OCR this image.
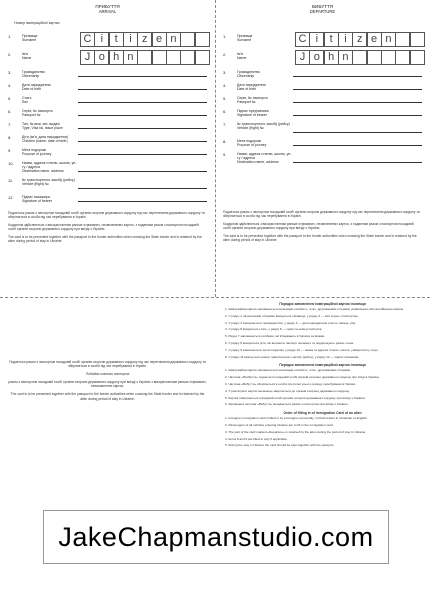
ПРИБУТТЯ
ARRIVAL
Номер імміграційної картки
1.	Прізвище
Surname	C i	t	i z e n
2.	Ім'я
Name	J o h n
3.	Громадянство
Citizenship
4.	Дата народження
Date of birth
5.	Стать
Sex
6.	Серія, № паспорта
Passport №
7.	Тип, № візи, міс. видачі
Type, Visa №, Issue place
8.	Діти (ім'я, дата народження)
Children (name, date of birth)
9.	Мета подорожі
Purpose of journey
10.	Назва, адреса готелю, школи, ун-ту / адреса
Destination name, address
11.	№ транспортного засобу (рейсу)
Vehicle (flight) №
12.	Підпис пасажира
Signature of bearer
Подається разом з паспортом посадовій особі органів охорони державного кордону під час перетинання державного кордону та зберігається в особи під час перебування в Україні.
Кордоном здійснюється з використанням раніше отриманих, незаповнених карток, з поданням разом з паспортом посадовій особі органів охорони державного кордону при виїзді з України.
The card is to be presented together with the passport to the border authorities when crossing the State border and is retained by the alien during period of stay in Ukraine.
ВИБУТТЯ
DEPARTURE
1.	Прізвище
Surname	C i	t	i z e n
2.	Ім'я
Name	J o h n
3.	Громадянство
Citizenship
4.	Дата народження
Date of birth
5.	Серія, № паспорта
Passport №
6.	Підпис пред'явника
Signature of bearer
7.	№ транспортного засобу (рейсу)
Vehicle (flight) №
8.	Мета подорожі
Purpose of journey
9.	Назва, адреса готелю, школи, ун-ту / адреса
Destination name, address
Подається разом з паспортом посадовій особі органів охорони державного кордону під час перетинання державного кордону та зберігається в особи під час перебування в Україні.
Кордоном здійснюється з використанням раніше отриманих, незаповнених карток, з поданням разом з паспортом посадовій особі органів охорони державного кордону при виїзді з України.
The card is to be presented together with the passport to the border authorities when crossing the State border and is retained by the alien during period of stay in Ukraine.
Подається разом з паспортом посадовій особі органів охорони державного кордону під час перетинання державного кордону та зберігається в особи під час перебування в Україні.
Подаймо кожного паспорта
разом з паспортом посадовій особі органів охорони державного кордону при виїзді з України з використанням раніше отриманих, незаповнених карток.
The card is to be presented together with the passport to the border authorities when crossing the State border and is retained by the alien during period of stay in Ukraine.
Порядок заповнення імміграційної картки іноземця
1. Імміграційна картка заповнюється іноземцем особисто, чітко, друкованими літерами українською або англійською мовою.
2. У рядку 1 латинськими літерами вказується прізвище, у рядку 2 — ім'я згідно з паспортом.
3. У рядку 3 зазначається громадянство, у рядку 4 — дата народження (число, місяць, рік).
4. У рядку 5 вказується стать, у рядку 6 — серія та номер паспорта.
5. Рядок 7 заповнюється особами, які в'їжджають в Україну за візами.
6. У рядку 8 вказуються діти, які вписані в паспорт іноземця та подорожують разом з ним.
7. У рядку 9 зазначається мета подорожі, у рядку 10 — назва та адреса готелю, школи, університету тощо.
8. У рядку 11 вказується номер транспортного засобу (рейсу), у рядку 12 — підпис пасажира.
Порядок заповнення імміграційної картки іноземця
1. Імміграційна картка заповнюється іноземцем особисто, чітко, друкованими літерами.
2. Частина «Прибуття» подається посадовій особі органів охорони державного кордону при в'їзді в Україну.
3. Частина «Вибуття» зберігається в особи протягом усього періоду перебування в Україні.
4. У разі втрати картки іноземець звертається до органів охорони державного кордону.
5. Картка повертається посадовій особі органів охорони державного кордону при виїзді з України.
6. Заповнена частина «Вибуття» вкладається разом з паспортом при виїзді з України.
Order of filling in of Immigration Card of an alien
1. Foreigner immigration card is filled in by a foreigner personally, in block letters in Ukrainian or English.
2. Passengers of all vehicles entering Ukraine are to fill in the immigration card.
3. The part of the card marked «Departure» is retained by the alien during the period of stay in Ukraine.
4. Items 8 and 9 are filled in only if applicable.
5. During the stay in Ukraine the card should be kept together with the passport.
JakeChapmanstudio.com
